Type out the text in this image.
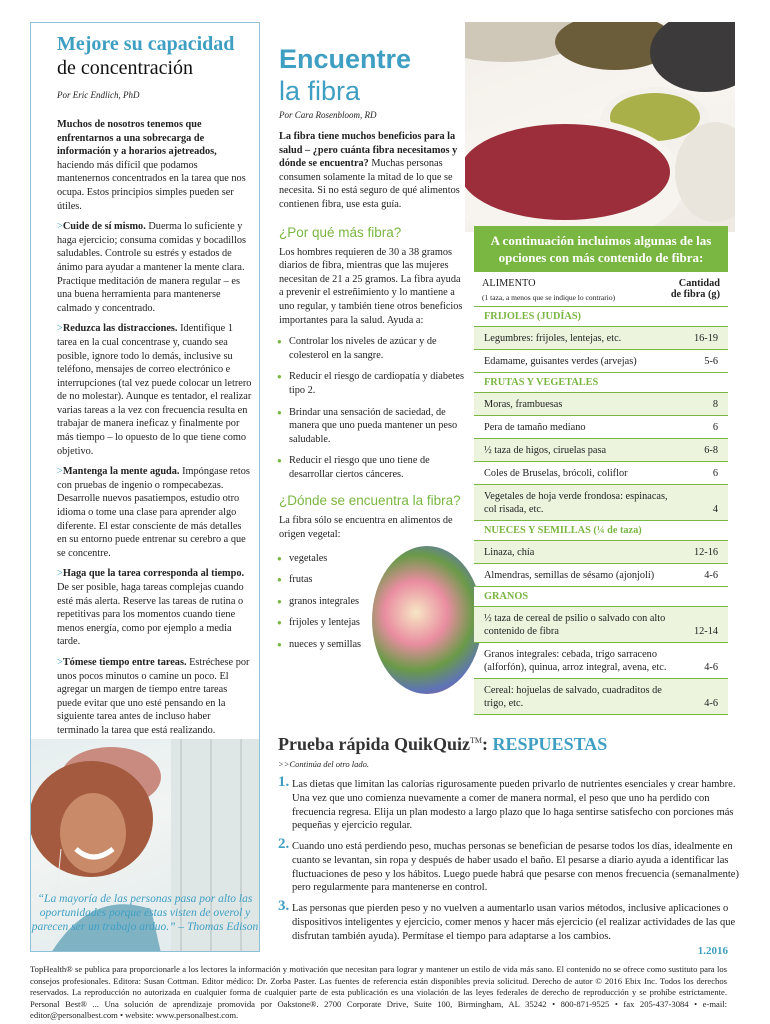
Mejore su capacidad
de concentración
Por Eric Endlich, PhD

Muchos de nosotros tenemos que enfrentarnos a una sobrecarga de información y a horarios ajetreados, haciendo más difícil que podamos mantenernos concentrados en la tarea que nos ocupa. Estos principios simples pueden ser útiles.

>Cuide de sí mismo. Duerma lo suficiente y haga ejercicio; consuma comidas y bocadillos saludables. Controle su estrés y estados de ánimo para ayudar a mantener la mente clara. Practique meditación de manera regular – es una buena herramienta para mantenerse calmado y concentrado.

>Reduzca las distracciones. Identifique 1 tarea en la cual concentrase y, cuando sea posible, ignore todo lo demás, inclusive su teléfono, mensajes de correo electrónico e interrupciones (tal vez puede colocar un letrero de no molestar). Aunque es tentador, el realizar varias tareas a la vez con frecuencia resulta en trabajar de manera ineficaz y finalmente por más tiempo – lo opuesto de lo que tiene como objetivo.

>Mantenga la mente aguda. Impóngase retos con pruebas de ingenio o rompecabezas. Desarrolle nuevos pasatiempos, estudio otro idioma o tome una clase para aprender algo diferente. El estar consciente de más detalles en su entorno puede entrenar su cerebro a que se concentre.

>Haga que la tarea corresponda al tiempo. De ser posible, haga tareas complejas cuando esté más alerta. Reserve las tareas de rutina o repetitivas para los momentos cuando tiene menos energía, como por ejemplo a media tarde.

>Tómese tiempo entre tareas. Estréchese por unos pocos minutos o camine un poco. El agregar un margen de tiempo entre tareas puede evitar que uno esté pensando en la siguiente tarea antes de incluso haber terminado la tarea que está realizando.

“La mayoría de las personas pasa por alto las oportunidades porque éstas visten de overol y parecen ser un trabajo arduo.” – Thomas Edison
Encuentre
la fibra
Por Cara Rosenbloom, RD
La fibra tiene muchos beneficios para la salud – ¿pero cuánta fibra necesitamos y dónde se encuentra? Muchas personas consumen solamente la mitad de lo que se necesita. Si no está seguro de qué alimentos contienen fibra, use esta guía.
¿Por qué más fibra?
Los hombres requieren de 30 a 38 gramos diarios de fibra, mientras que las mujeres necesitan de 21 a 25 gramos. La fibra ayuda a prevenir el estreñimiento y lo mantiene a uno regular, y también tiene otros beneficios importantes para la salud. Ayuda a:
● Controlar los niveles de azúcar y de colesterol en la sangre.
● Reducir el riesgo de cardiopatía y diabetes tipo 2.
● Brindar una sensación de saciedad, de manera que uno pueda mantener un peso saludable.
● Reducir el riesgo que uno tiene de desarrollar ciertos cánceres.
¿Dónde se encuentra la fibra?
La fibra sólo se encuentra en alimentos de origen vegetal:
● vegetales
● frutas
● granos integrales
● frijoles y lentejas
● nueces y semillas
A continuación incluimos algunas de las opciones con más contenido de fibra:
ALIMENTO
(1 taza, a menos que se indique lo contrario)
Cantidad
de fibra (g)
FRIJOLES (JUDÍAS)
Legumbres: frijoles, lentejas, etc.	16-19
Edamame, guisantes verdes (arvejas)	5-6
FRUTAS Y VEGETALES
Moras, frambuesas	8
Pera de tamaño mediano	6
½ taza de higos, ciruelas pasa	6-8
Coles de Bruselas, brócoli, coliflor	6
Vegetales de hoja verde frondosa: espinacas, col risada, etc.	4
NUECES Y SEMILLAS (¼ de taza)
Linaza, chía	12-16
Almendras, semillas de sésamo (ajonjolí)	4-6
GRANOS
½ taza de cereal de psilio o salvado con alto contenido de fibra	12-14
Granos integrales: cebada, trigo sarraceno (alforfón), quinua, arroz integral, avena, etc.	4-6
Cereal: hojuelas de salvado, cuadraditos de trigo, etc.	4-6
Prueba rápida QuikQuiz™: RESPUESTAS
>>Continúa del otro lado.
1. Las dietas que limitan las calorías rigurosamente pueden privarlo de nutrientes esenciales y crear hambre. Una vez que uno comienza nuevamente a comer de manera normal, el peso que uno ha perdido con frecuencia regresa. Elija un plan modesto a largo plazo que lo haga sentirse satisfecho con porciones más pequeñas y ejercicio regular.
2. Cuando uno está perdiendo peso, muchas personas se benefician de pesarse todos los días, idealmente en cuanto se levantan, sin ropa y después de haber usado el baño. El pesarse a diario ayuda a identificar las fluctuaciones de peso y los hábitos. Luego puede habrá que pesarse con menos frecuencia (semanalmente) pero regularmente para mantenerse en control.
3. Las personas que pierden peso y no vuelven a aumentarlo usan varios métodos, inclusive aplicaciones o dispositivos inteligentes y ejercicio, comer menos y hacer más ejercicio (el realizar actividades de las que disfrutan también ayuda). Permítase el tiempo para adaptarse a los cambios.
1.2016
TopHealth® se publica para proporcionarle a los lectores la información y motivación que necesitan para lograr y mantener un estilo de vida más sano. El contenido no se ofrece como sustituto para los consejos profesionales. Editora: Susan Cottman. Editor médico: Dr. Zorba Paster. Las fuentes de referencia están disponibles previa solicitud. Derecho de autor © 2016 Ebix Inc. Todos los derechos reservados. La reproducción no autorizada en cualquier forma de cualquier parte de esta publicación es una violación de las leyes federales de derecho de reproducción y se prohíbe estrictamente. Personal Best® ... Una solución de aprendizaje promovida por Oakstone®. 2700 Corporate Drive, Suite 100, Birmingham, AL 35242 • 800-871-9525 • fax 205-437-3084 • e-mail: editor@personalbest.com • website: www.personalbest.com.
